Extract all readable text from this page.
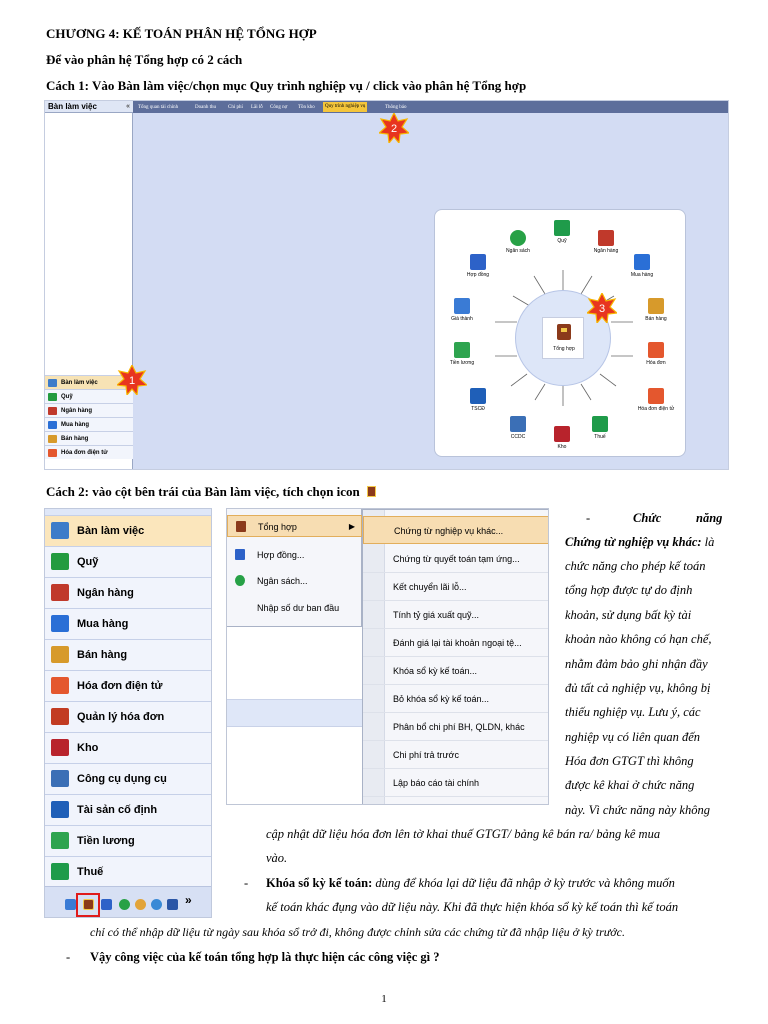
CHƯƠNG 4: KẾ TOÁN PHÂN HỆ TỔNG HỢP
Để vào phân hệ Tổng hợp có 2 cách
Cách 1: Vào Bàn làm việc/chọn mục Quy trình nghiệp vụ / click vào phân hệ Tổng hợp
Bàn làm việc	«
Bàn làm việc
Quỹ
Ngân hàng
Mua hàng
Bán hàng
Hóa đơn điện tử
Tổng quan tài chính	Doanh thu Chi phí Lãi lỗ Công nợ Tồn kho	Quy trình nghiệp vụ	Thông báo
Tổng hợp
Quỹ
Ngân sách	Ngân hàng
Hợp đồng	Mua hàng
Giá thành	Bán hàng
Tiền lương	Hóa đơn
Hóa đơn điện tử
TSCĐ
CCDC
Kho
Thuế
1
2
3
Cách 2: vào cột bên trái của Bàn làm việc, tích chọn icon
Bàn làm việc
Quỹ
Ngân hàng
Mua hàng
Bán hàng
Hóa đơn điện tử
Quản lý hóa đơn
Kho
Công cụ dụng cụ
Tài sản cố định
Tiền lương
Thuế
»
Tổng hợp	▶
Hợp đồng...
Ngân sách...
Nhập số dư ban đầu
Chứng từ nghiệp vụ khác...
Chứng từ quyết toán tạm ứng...
Kết chuyển lãi lỗ...
Tính tỷ giá xuất quỹ...
Đánh giá lại tài khoản ngoại tệ...
Khóa sổ kỳ kế toán...
Bỏ khóa sổ kỳ kế toán...
Phân bổ chi phí BH, QLDN, khác
Chi phí trả trước
Lập báo cáo tài chính
-	Chức	năng
Chứng từ nghiệp vụ khác: là
chức năng cho phép kế toán
tổng hợp được tự do định
khoản, sử dụng bất kỳ tài
khoản nào không có hạn chế,
nhằm đảm bảo ghi nhận đầy
đủ tất cả nghiệp vụ, không bị
thiếu nghiệp vụ. Lưu ý, các
nghiệp vụ có liên quan đến
Hóa đơn GTGT thì không
được kê khai ở chức năng
này. Vì chức năng này không
cập nhật dữ liệu hóa đơn lên tờ khai thuế GTGT/ bảng kê bán ra/ bảng kê mua
vào.
- Khóa sổ kỳ kế toán: dùng để khóa lại dữ liệu đã nhập ở kỳ trước và không muốn
kế toán khác đụng vào dữ liệu này. Khi đã thực hiện khóa sổ kỳ kế toán thì kế toán
chỉ có thể nhập dữ liệu từ ngày sau khóa sổ trở đi, không được chỉnh sửa các chứng từ đã nhập liệu ở kỳ trước.
- Vậy công việc của kế toán tổng hợp là thực hiện các công việc gì ?
1
